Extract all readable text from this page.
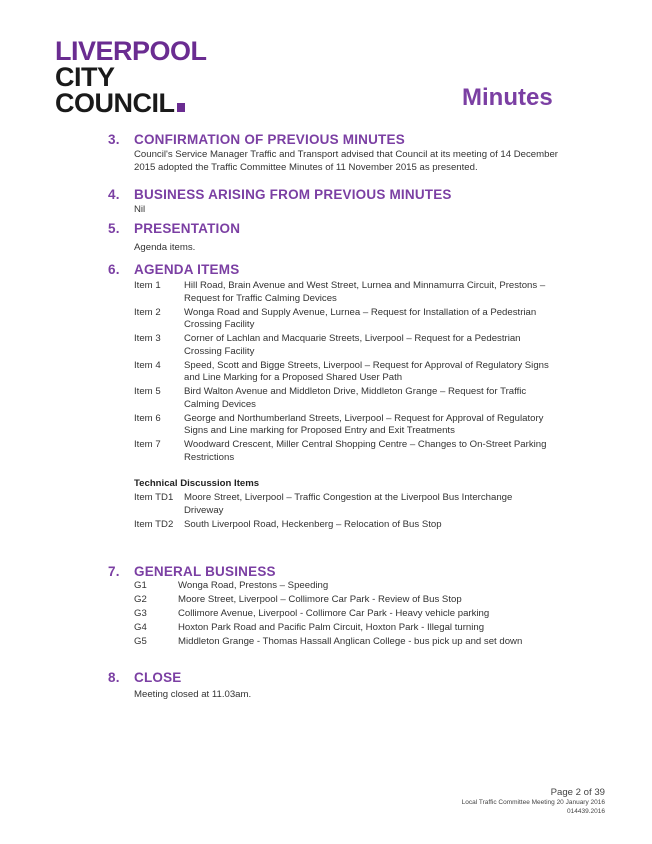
LIVERPOOL
CITY
COUNCIL	Minutes
3.	CONFIRMATION OF PREVIOUS MINUTES
Council's Service Manager Traffic and Transport advised that Council at its meeting of 14 December 2015 adopted the Traffic Committee Minutes of 11 November 2015 as presented.
4.	BUSINESS ARISING FROM PREVIOUS MINUTES
Nil
5.	PRESENTATION
Agenda items.
6.	AGENDA ITEMS
Item 1	Hill Road, Brain Avenue and West Street, Lurnea and Minnamurra Circuit, Prestons – Request for Traffic Calming Devices
Item 2	Wonga Road and Supply Avenue, Lurnea – Request for Installation of a Pedestrian Crossing Facility
Item 3	Corner of Lachlan and Macquarie Streets, Liverpool – Request for a Pedestrian Crossing Facility
Item 4	Speed, Scott and Bigge Streets, Liverpool – Request for Approval of Regulatory Signs and Line Marking for a Proposed Shared User Path
Item 5	Bird Walton Avenue and Middleton Drive, Middleton Grange – Request for Traffic Calming Devices
Item 6	George and Northumberland Streets, Liverpool – Request for Approval of Regulatory Signs and Line marking for Proposed Entry and Exit Treatments
Item 7	Woodward Crescent, Miller Central Shopping Centre – Changes to On-Street Parking Restrictions
Technical Discussion Items
Item TD1	Moore Street, Liverpool – Traffic Congestion at the Liverpool Bus Interchange Driveway
Item TD2	South Liverpool Road, Heckenberg – Relocation of Bus Stop
7.	GENERAL BUSINESS
G1	Wonga Road, Prestons – Speeding
G2	Moore Street, Liverpool – Collimore Car Park - Review of Bus Stop
G3	Collimore Avenue, Liverpool - Collimore Car Park - Heavy vehicle parking
G4	Hoxton Park Road and Pacific Palm Circuit, Hoxton Park - Illegal turning
G5	Middleton Grange - Thomas Hassall Anglican College - bus pick up and set down
8.	CLOSE
Meeting closed at 11.03am.
Page 2 of 39
Local Traffic Committee Meeting 20 January 2016
014439.2016
